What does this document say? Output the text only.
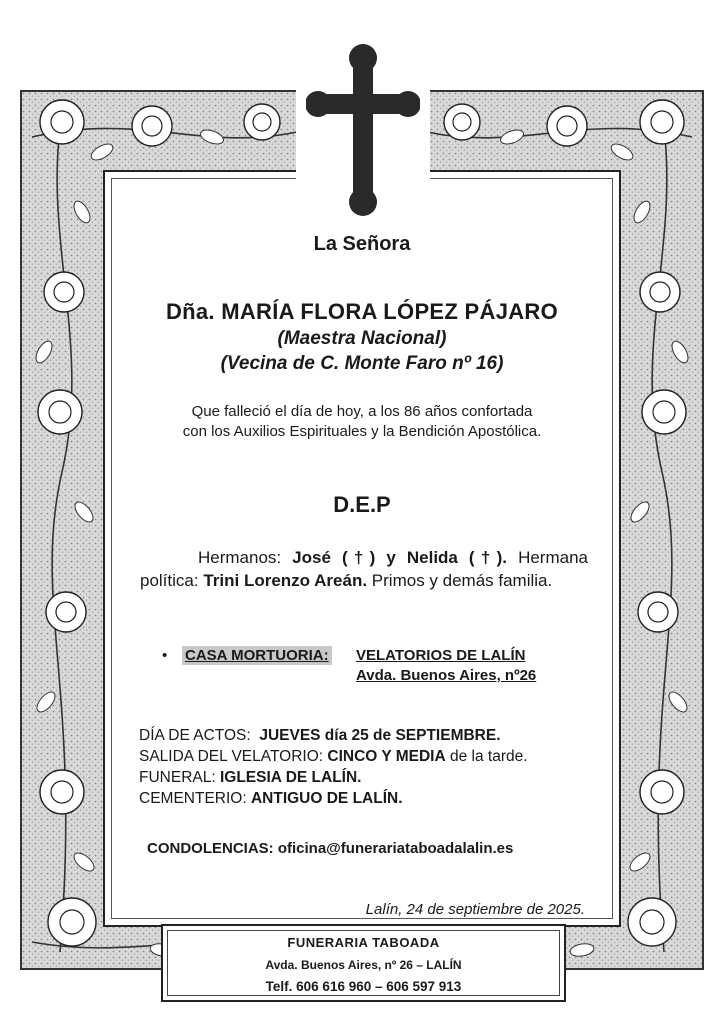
La Señora
Dña. MARÍA FLORA LÓPEZ PÁJARO
(Maestra Nacional)
(Vecina de C. Monte Faro nº 16)
Que falleció el día de hoy, a los 86 años confortada
con los Auxilios Espirituales y la Bendición Apostólica.
D.E.P
Hermanos: José (†) y Nelida (†). Hermana política: Trini Lorenzo Areán. Primos y demás familia.
• CASA MORTUORIA: VELATORIOS DE LALÍN
Avda. Buenos Aires, nº26
DÍA DE ACTOS: JUEVES día 25 de SEPTIEMBRE.
SALIDA DEL VELATORIO: CINCO Y MEDIA de la tarde.
FUNERAL: IGLESIA DE LALÍN.
CEMENTERIO: ANTIGUO DE LALÍN.
CONDOLENCIAS: oficina@funerariataboadalalin.es
Lalín, 24 de septiembre de 2025.
FUNERARIA TABOADA
Avda. Buenos Aires, nº 26 – LALÍN
Telf. 606 616 960 – 606 597 913
